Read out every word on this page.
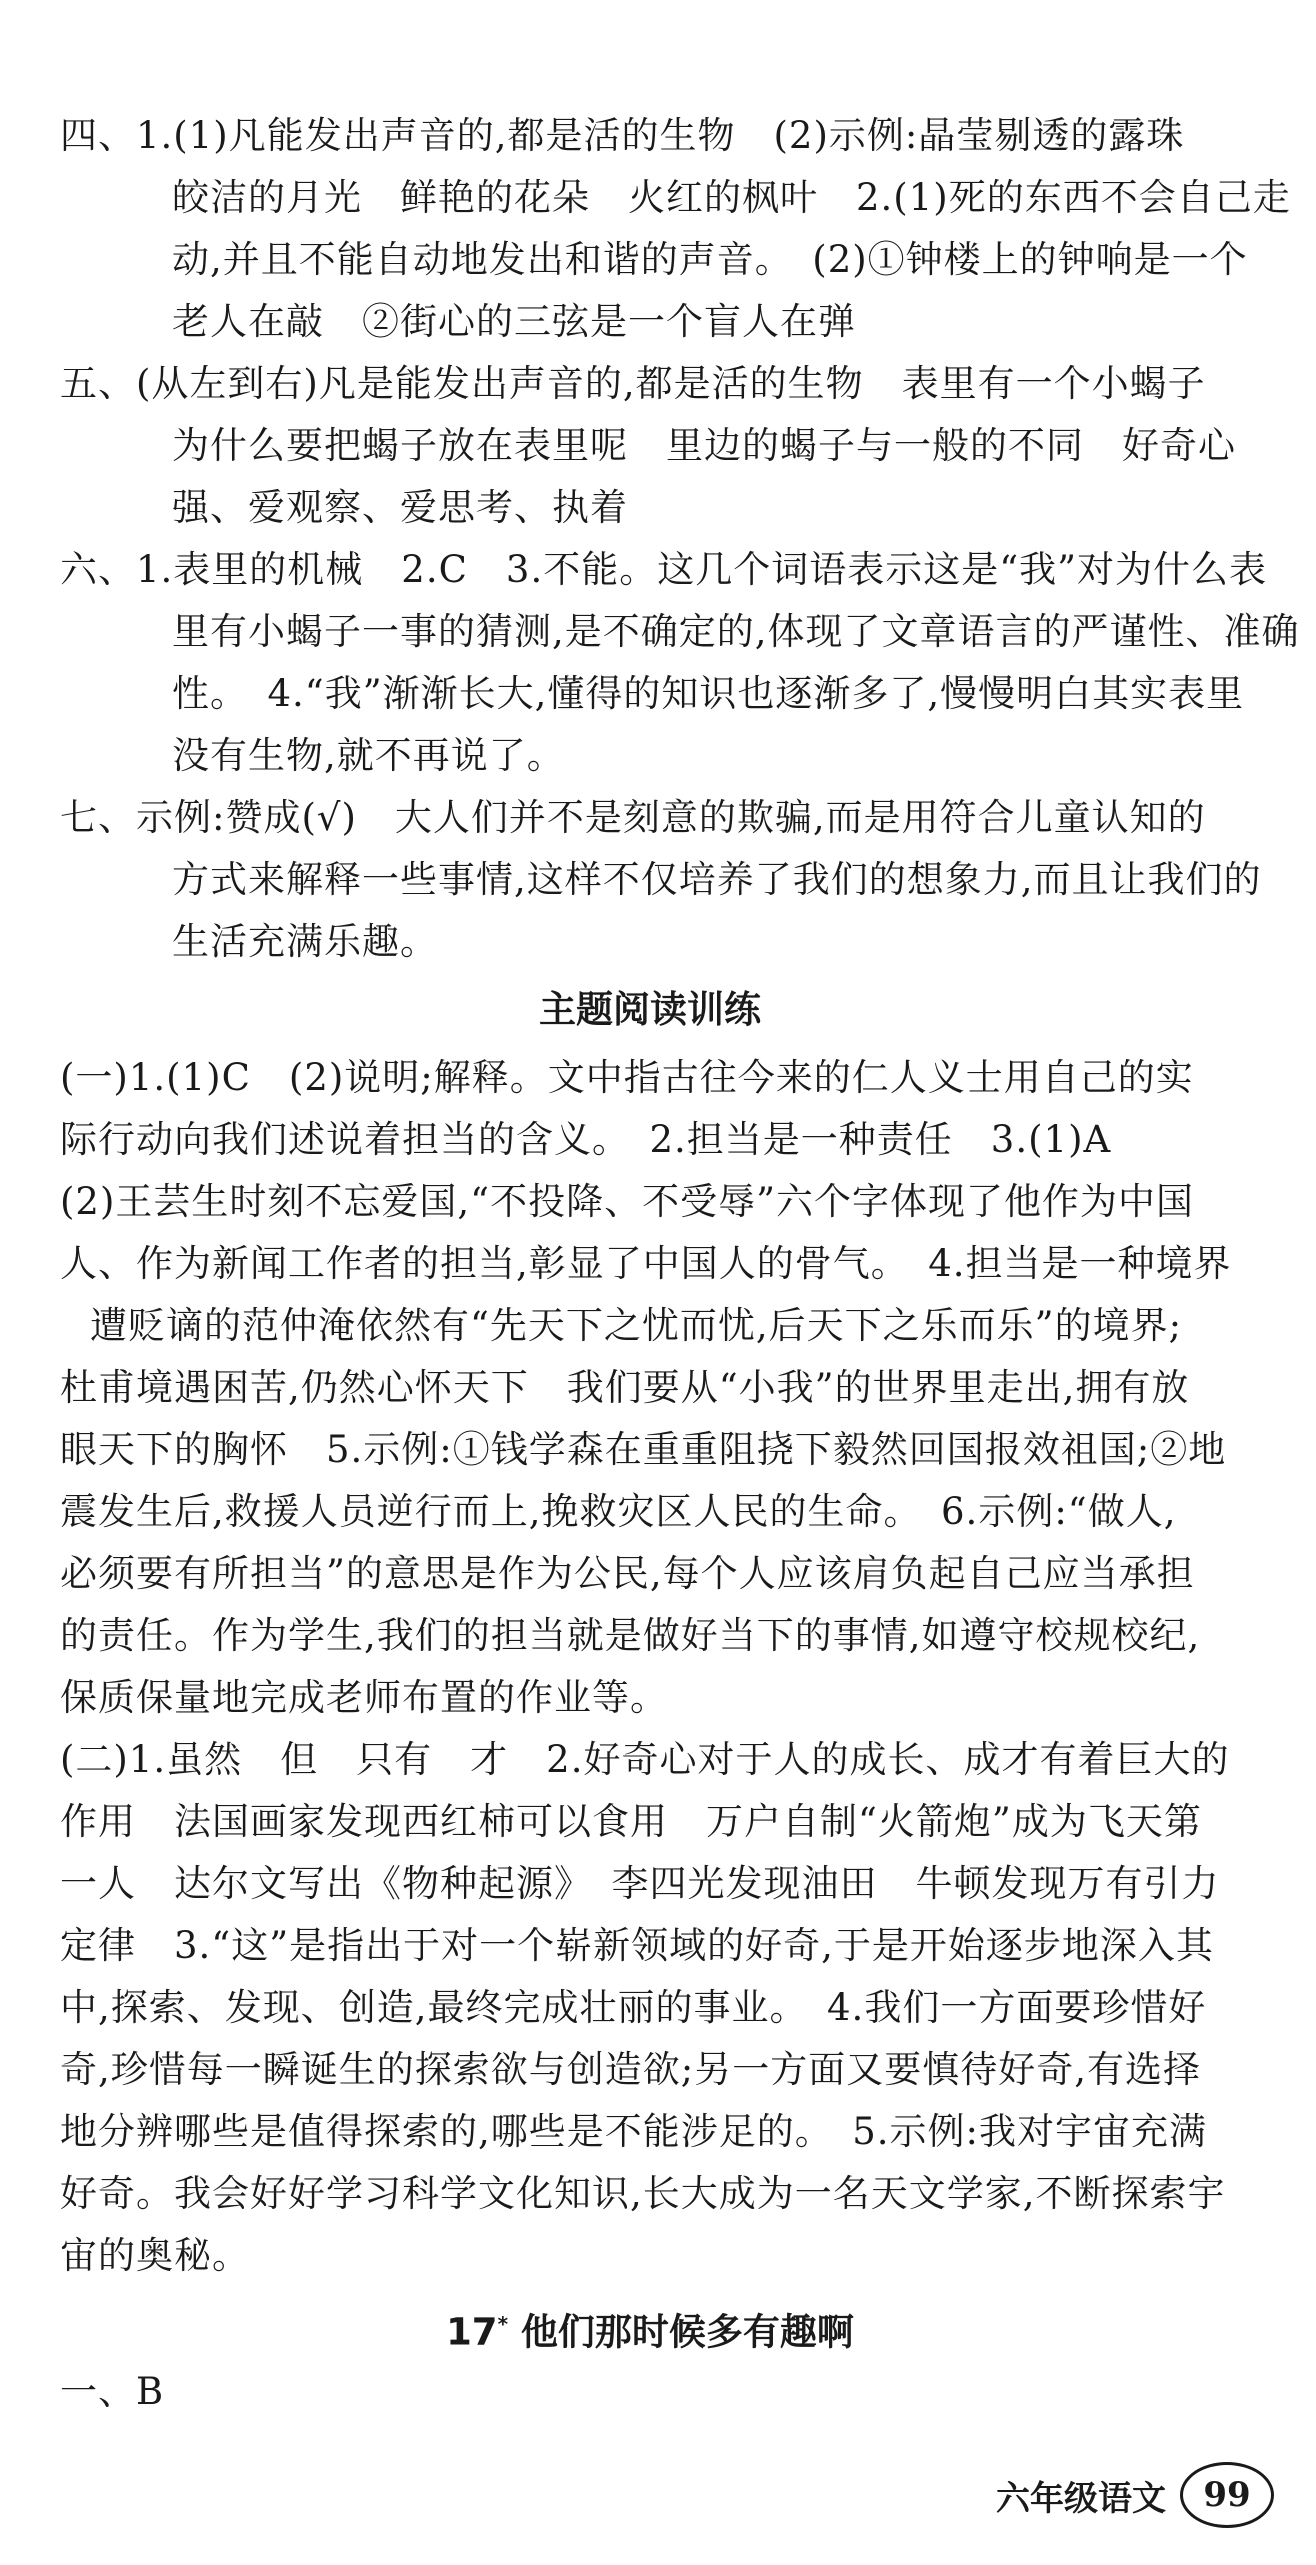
四、1.(1)凡能发出声音的,都是活的生物　(2)示例:晶莹剔透的露珠
皎洁的月光　鲜艳的花朵　火红的枫叶　2.(1)死的东西不会自己走
动,并且不能自动地发出和谐的声音。　(2)①钟楼上的钟响是一个
老人在敲　②街心的三弦是一个盲人在弹
五、(从左到右)凡是能发出声音的,都是活的生物　表里有一个小蝎子
为什么要把蝎子放在表里呢　里边的蝎子与一般的不同　好奇心
强、爱观察、爱思考、执着
六、1.表里的机械　2.C　3.不能。这几个词语表示这是“我”对为什么表
里有小蝎子一事的猜测,是不确定的,体现了文章语言的严谨性、准确
性。　4.“我”渐渐长大,懂得的知识也逐渐多了,慢慢明白其实表里
没有生物,就不再说了。
七、示例:赞成(√)　大人们并不是刻意的欺骗,而是用符合儿童认知的
方式来解释一些事情,这样不仅培养了我们的想象力,而且让我们的
生活充满乐趣。
主题阅读训练
(一)1.(1)C　(2)说明;解释。文中指古往今来的仁人义士用自己的实
际行动向我们述说着担当的含义。　2.担当是一种责任　3.(1)A
(2)王芸生时刻不忘爱国,“不投降、不受辱”六个字体现了他作为中国
人、作为新闻工作者的担当,彰显了中国人的骨气。　4.担当是一种境界
遭贬谪的范仲淹依然有“先天下之忧而忧,后天下之乐而乐”的境界;
杜甫境遇困苦,仍然心怀天下　我们要从“小我”的世界里走出,拥有放
眼天下的胸怀　5.示例:①钱学森在重重阻挠下毅然回国报效祖国;②地
震发生后,救援人员逆行而上,挽救灾区人民的生命。　6.示例:“做人,
必须要有所担当”的意思是作为公民,每个人应该肩负起自己应当承担
的责任。作为学生,我们的担当就是做好当下的事情,如遵守校规校纪,
保质保量地完成老师布置的作业等。
(二)1.虽然　但　只有　才　2.好奇心对于人的成长、成才有着巨大的
作用　法国画家发现西红柿可以食用　万户自制“火箭炮”成为飞天第
一人　达尔文写出《物种起源》　李四光发现油田　牛顿发现万有引力
定律　3.“这”是指出于对一个崭新领域的好奇,于是开始逐步地深入其
中,探索、发现、创造,最终完成壮丽的事业。　4.我们一方面要珍惜好
奇,珍惜每一瞬诞生的探索欲与创造欲;另一方面又要慎待好奇,有选择
地分辨哪些是值得探索的,哪些是不能涉足的。　5.示例:我对宇宙充满
好奇。我会好好学习科学文化知识,长大成为一名天文学家,不断探索宇
宙的奥秘。
17* 他们那时候多有趣啊
一、B
六年级语文	99
